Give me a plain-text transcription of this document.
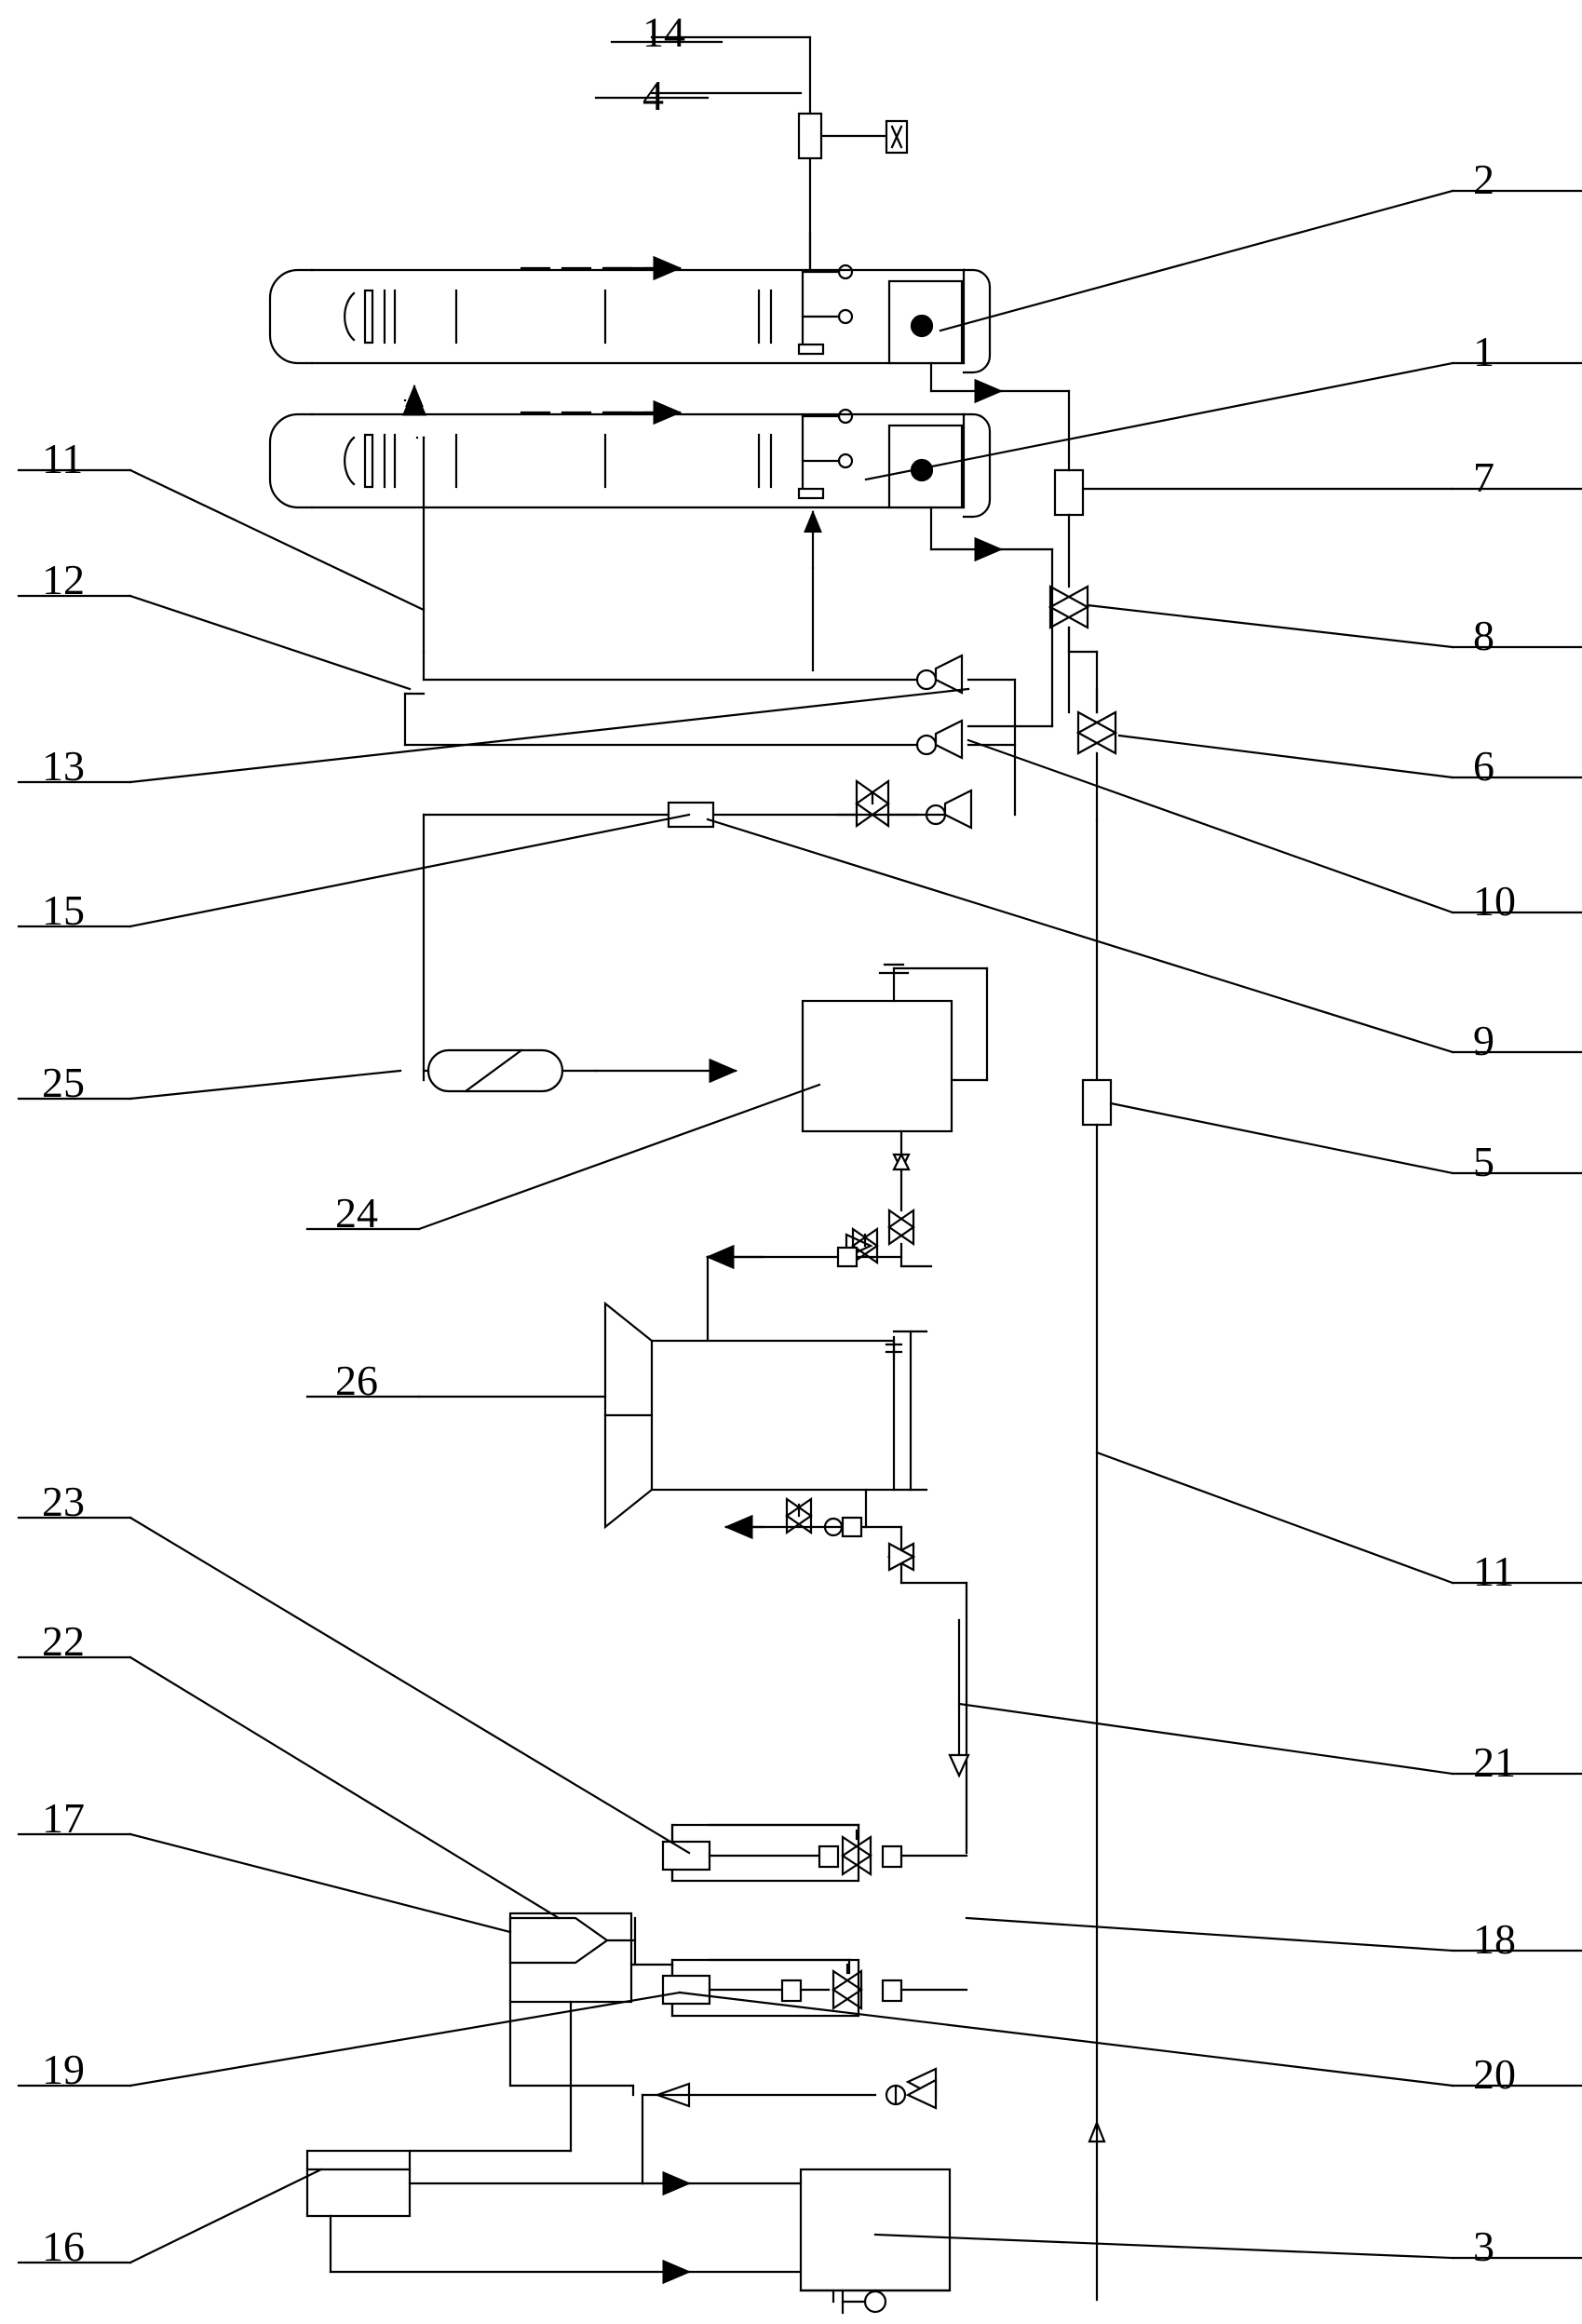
14
4
2
1
7
11
8
12
13	6
10
15
9
25
5
24
26
23
11
22
21
17
18
19	20
16	3
